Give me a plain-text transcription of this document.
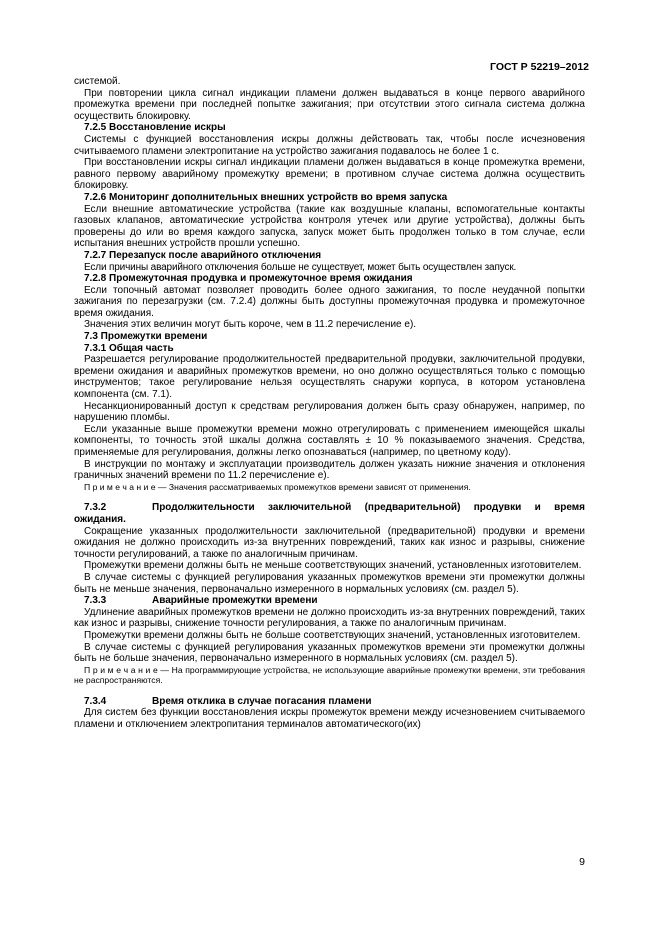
ГОСТ Р 52219–2012

системой.

При повторении цикла сигнал индикации пламени должен выдаваться в конце первого аварийного промежутка времени при последней попытке зажигания; при отсутствии этого сигнала система должна осуществить блокировку.

7.2.5 Восстановление искры

Системы с функцией восстановления искры должны действовать так, чтобы после исчезновения считываемого пламени электропитание на устройство зажигания подавалось не более 1 с.

При восстановлении искры сигнал индикации пламени должен выдаваться в конце промежутка времени, равного первому аварийному промежутку времени; в противном случае система должна осуществить блокировку.

7.2.6 Мониторинг дополнительных внешних устройств во время запуска

Если внешние автоматические устройства (такие как воздушные клапаны, вспомогательные контакты газовых клапанов, автоматические устройства контроля утечек или другие устройства), должны быть проверены до или во время каждого запуска, запуск может быть продолжен только в том случае, если испытания внешних устройств прошли успешно.

7.2.7 Перезапуск после аварийного отключения

Если причины аварийного отключения больше не существует, может быть осуществлен запуск.

7.2.8 Промежуточная продувка и промежуточное время ожидания

Если топочный автомат позволяет проводить более одного зажигания, то после неудачной попытки зажигания по перезагрузки (см. 7.2.4) должны быть доступны промежуточная продувка и промежуточное время ожидания.

Значения этих величин могут быть короче, чем в 11.2 перечисление е).

7.3 Промежутки времени

7.3.1 Общая часть

Разрешается регулирование продолжительностей предварительной продувки, заключительной продувки, времени ожидания и аварийных промежутков времени, но оно должно осуществляться только с помощью инструментов; такое регулирование нельзя осуществлять снаружи корпуса, в котором установлена компонента (см. 7.1).

Несанкционированный доступ к средствам регулирования должен быть сразу обнаружен, например, по нарушению пломбы.

Если указанные выше промежутки времени можно отрегулировать с применением имеющейся шкалы компоненты, то точность этой шкалы должна составлять ± 10 % показываемого значения. Средства, применяемые для регулирования, должны легко опознаваться (например, по цветному коду).

В инструкции по монтажу и эксплуатации производитель должен указать нижние значения и отклонения граничных значений времени по 11.2 перечисление е).

П р и м е ч а н и е — Значения рассматриваемых промежутков времени зависят от применения.

7.3.2	Продолжительности заключительной (предварительной) продувки и время ожидания.

Сокращение указанных продолжительности заключительной (предварительной) продувки и времени ожидания не должно происходить из-за внутренних повреждений, таких как износ и разрывы, снижение точности регулирований, а также по аналогичным причинам.

Промежутки времени должны быть не меньше соответствующих значений, установленных изготовителем.

В случае системы с функцией регулирования указанных промежутков времени эти промежутки должны быть не меньше значения, первоначально измеренного в нормальных условиях (см. раздел 5).

7.3.3	Аварийные промежутки времени

Удлинение аварийных промежутков времени не должно происходить из-за внутренних повреждений, таких как износ и разрывы, снижение точности регулирования, а также по аналогичным причинам.

Промежутки времени должны быть не больше соответствующих значений, установленных изготовителем.

В случае системы с функцией регулирования указанных промежутков времени эти промежутки должны быть не больше значения, первоначально измеренного в нормальных условиях (см. раздел 5).

П р и м е ч а н и е — На программирующие устройства, не использующие аварийные промежутки времени, эти требования не распространяются.

7.3.4	Время отклика в случае погасания пламени

Для систем без функции восстановления искры промежуток времени между исчезновением считываемого пламени и отключением электропитания терминалов автоматического(их)

9
